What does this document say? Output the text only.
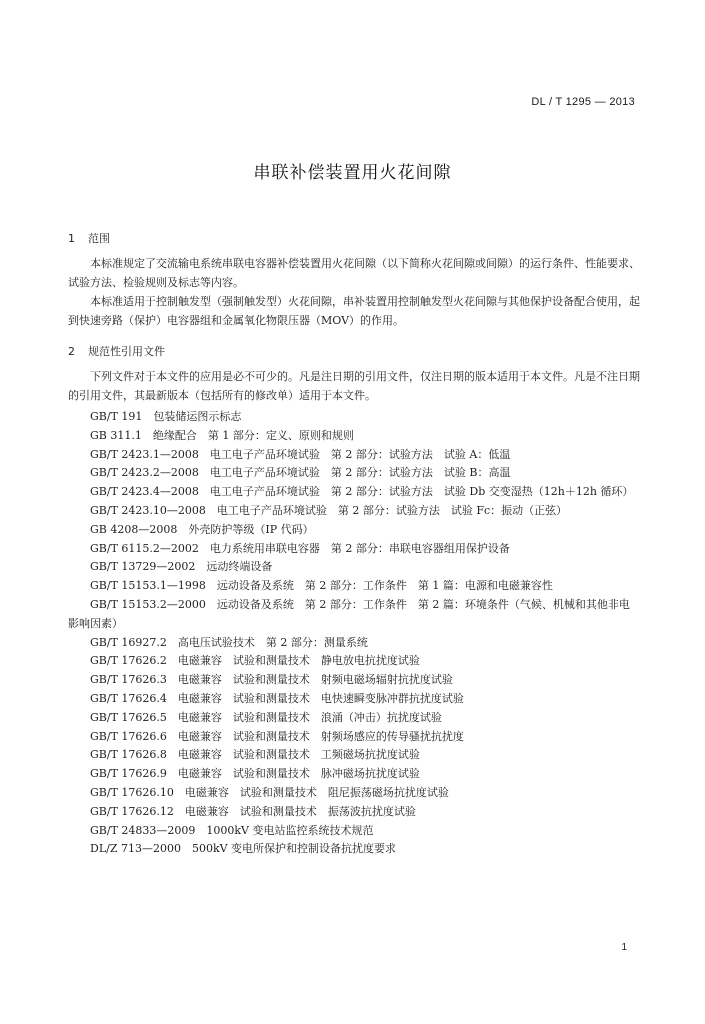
DL / T 1295 — 2013
串联补偿装置用火花间隙
1 范围

本标准规定了交流输电系统串联电容器补偿装置用火花间隙（以下简称火花间隙或间隙）的运行条件、性能要求、试验方法、检验规则及标志等内容。

本标准适用于控制触发型（强制触发型）火花间隙，串补装置用控制触发型火花间隙与其他保护设备配合使用，起到快速旁路（保护）电容器组和金属氧化物限压器（MOV）的作用。

2 规范性引用文件

下列文件对于本文件的应用是必不可少的。凡是注日期的引用文件，仅注日期的版本适用于本文件。凡是不注日期的引用文件，其最新版本（包括所有的修改单）适用于本文件。

GB/T 191　包装储运图示标志
GB 311.1　绝缘配合　第 1 部分：定义、原则和规则
GB/T 2423.1—2008　电工电子产品环境试验　第 2 部分：试验方法　试验 A：低温
GB/T 2423.2—2008　电工电子产品环境试验　第 2 部分：试验方法　试验 B：高温
GB/T 2423.4—2008　电工电子产品环境试验　第 2 部分：试验方法　试验 Db 交变湿热（12h＋12h 循环）
GB/T 2423.10—2008　电工电子产品环境试验　第 2 部分：试验方法　试验 Fc：振动（正弦）
GB 4208—2008　外壳防护等级（IP 代码）
GB/T 6115.2—2002　电力系统用串联电容器　第 2 部分：串联电容器组用保护设备
GB/T 13729—2002　远动终端设备
GB/T 15153.1—1998　远动设备及系统　第 2 部分：工作条件　第 1 篇：电源和电磁兼容性
GB/T 15153.2—2000　远动设备及系统　第 2 部分：工作条件　第 2 篇：环境条件（气候、机械和其他非电影响因素）
GB/T 16927.2　高电压试验技术　第 2 部分：测量系统
GB/T 17626.2　电磁兼容　试验和测量技术　静电放电抗扰度试验
GB/T 17626.3　电磁兼容　试验和测量技术　射频电磁场辐射抗扰度试验
GB/T 17626.4　电磁兼容　试验和测量技术　电快速瞬变脉冲群抗扰度试验
GB/T 17626.5　电磁兼容　试验和测量技术　浪涌（冲击）抗扰度试验
GB/T 17626.6　电磁兼容　试验和测量技术　射频场感应的传导骚扰抗扰度
GB/T 17626.8　电磁兼容　试验和测量技术　工频磁场抗扰度试验
GB/T 17626.9　电磁兼容　试验和测量技术　脉冲磁场抗扰度试验
GB/T 17626.10　电磁兼容　试验和测量技术　阻尼振荡磁场抗扰度试验
GB/T 17626.12　电磁兼容　试验和测量技术　振荡波抗扰度试验
GB/T 24833—2009　1000kV 变电站监控系统技术规范
DL/Z 713—2000　500kV 变电所保护和控制设备抗扰度要求
1
